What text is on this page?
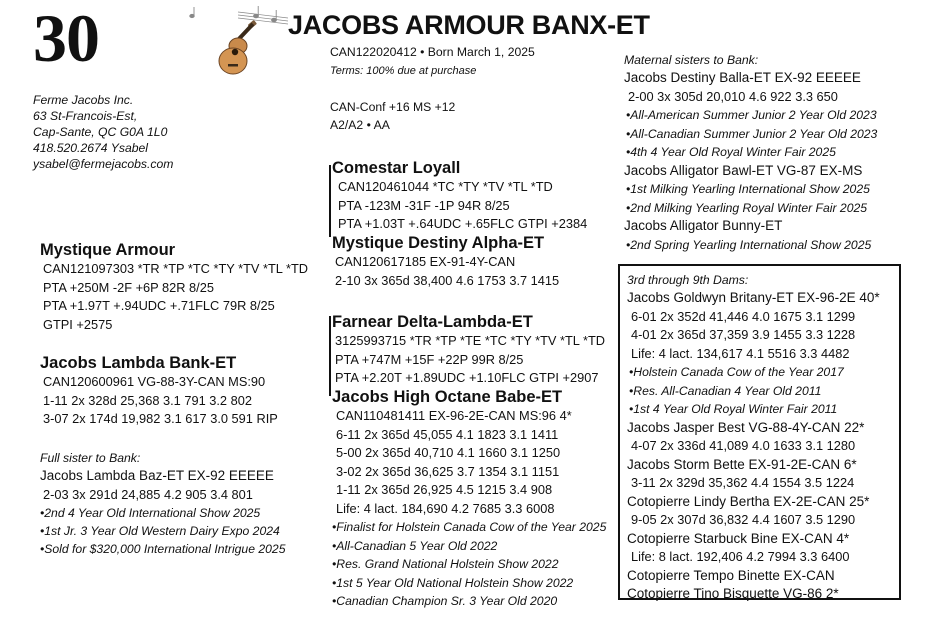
30	JACOBS ARMOUR BANX-ET
CAN122020412 • Born March 1, 2025
Terms: 100% due at purchase
CAN-Conf +16 MS +12
A2/A2 • AA
Ferme Jacobs Inc.
63 St-Francois-Est,
Cap-Sante, QC G0A 1L0
418.520.2674 Ysabel
ysabel@fermejacobs.com
Mystique Armour
CAN121097303 *TR *TP *TC *TY *TV *TL *TD
PTA +250M -2F +6P 82R 8/25
PTA +1.97T +.94UDC +.71FLC 79R 8/25
GTPI +2575
Jacobs Lambda Bank-ET
CAN120600961 VG-88-3Y-CAN MS:90
1-11 2x 328d 25,368 3.1 791 3.2 802
3-07 2x 174d 19,982 3.1 617 3.0 591 RIP
Full sister to Bank:
Jacobs Lambda Baz-ET EX-92 EEEEE
2-03 3x 291d 24,885 4.2 905 3.4 801
•2nd 4 Year Old International Show 2025
•1st Jr. 3 Year Old Western Dairy Expo 2024
•Sold for $320,000 International Intrigue 2025
Comestar Loyall
CAN120461044 *TC *TY *TV *TL *TD
PTA -123M -31F -1P 94R 8/25
PTA +1.03T +.64UDC +.65FLC GTPI +2384
Mystique Destiny Alpha-ET
CAN120617185 EX-91-4Y-CAN
2-10 3x 365d 38,400 4.6 1753 3.7 1415
Farnear Delta-Lambda-ET
3125993715 *TR *TP *TE *TC *TY *TV *TL *TD
PTA +747M +15F +22P 99R 8/25
PTA +2.20T +1.89UDC +1.10FLC GTPI +2907
Jacobs High Octane Babe-ET
CAN110481411 EX-96-2E-CAN MS:96 4*
6-11 2x 365d 45,055 4.1 1823 3.1 1411
5-00 2x 365d 40,710 4.1 1660 3.1 1250
3-02 2x 365d 36,625 3.7 1354 3.1 1151
1-11 2x 365d 26,925 4.5 1215 3.4 908
Life: 4 lact. 184,690 4.2 7685 3.3 6008
•Finalist for Holstein Canada Cow of the Year 2025
•All-Canadian 5 Year Old 2022
•Res. Grand National Holstein Show 2022
•1st 5 Year Old National Holstein Show 2022
•Canadian Champion Sr. 3 Year Old 2020
Maternal sisters to Bank:
Jacobs Destiny Balla-ET EX-92 EEEEE
2-00 3x 305d 20,010 4.6 922 3.3 650
•All-American Summer Junior 2 Year Old 2023
•All-Canadian Summer Junior 2 Year Old 2023
•4th 4 Year Old Royal Winter Fair 2025
Jacobs Alligator Bawl-ET VG-87 EX-MS
•1st Milking Yearling International Show 2025
•2nd Milking Yearling Royal Winter Fair 2025
Jacobs Alligator Bunny-ET
•2nd Spring Yearling International Show 2025
3rd through 9th Dams:
Jacobs Goldwyn Britany-ET EX-96-2E 40*
6-01 2x 352d 41,446 4.0 1675 3.1 1299
4-01 2x 365d 37,359 3.9 1455 3.3 1228
Life: 4 lact. 134,617 4.1 5516 3.3 4482
•Holstein Canada Cow of the Year 2017
•Res. All-Canadian 4 Year Old 2011
•1st 4 Year Old Royal Winter Fair 2011
Jacobs Jasper Best VG-88-4Y-CAN 22*
4-07 2x 336d 41,089 4.0 1633 3.1 1280
Jacobs Storm Bette EX-91-2E-CAN 6*
3-11 2x 329d 35,362 4.4 1554 3.5 1224
Cotopierre Lindy Bertha EX-2E-CAN 25*
9-05 2x 307d 36,832 4.4 1607 3.5 1290
Cotopierre Starbuck Bine EX-CAN 4*
Life: 8 lact. 192,406 4.2 7994 3.3 6400
Cotopierre Tempo Binette EX-CAN
Cotopierre Tino Bisquette VG-86 2*
